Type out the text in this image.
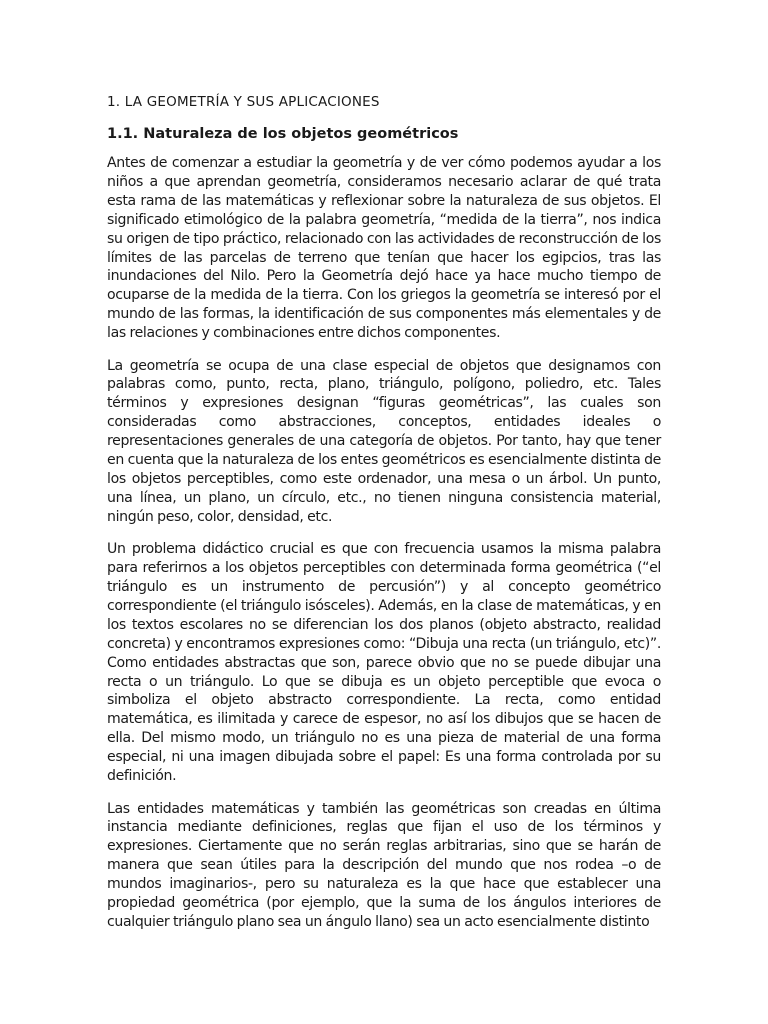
1. LA GEOMETRÍA Y SUS APLICACIONES
1.1. Naturaleza de los objetos geométricos

Antes de comenzar a estudiar la geometría y de ver cómo podemos ayudar a los niños a que aprendan geometría, consideramos necesario aclarar de qué trata esta rama de las matemáticas y reflexionar sobre la naturaleza de sus objetos. El significado etimológico de la palabra geometría, “medida de la tierra”, nos indica su origen de tipo práctico, relacionado con las actividades de reconstrucción de los límites de las parcelas de terreno que tenían que hacer los egipcios, tras las inundaciones del Nilo. Pero la Geometría dejó hace ya hace mucho tiempo de ocuparse de la medida de la tierra. Con los griegos la geometría se interesó por el mundo de las formas, la identificación de sus componentes más elementales y de las relaciones y combinaciones entre dichos componentes.

La geometría se ocupa de una clase especial de objetos que designamos con palabras como, punto, recta, plano, triángulo, polígono, poliedro, etc. Tales términos y expresiones designan “figuras geométricas”, las cuales son consideradas como abstracciones, conceptos, entidades ideales o representaciones generales de una categoría de objetos. Por tanto, hay que tener en cuenta que la naturaleza de los entes geométricos es esencialmente distinta de los objetos perceptibles, como este ordenador, una mesa o un árbol. Un punto, una línea, un plano, un círculo, etc., no tienen ninguna consistencia material, ningún peso, color, densidad, etc.

Un problema didáctico crucial es que con frecuencia usamos la misma palabra para referirnos a los objetos perceptibles con determinada forma geométrica (“el triángulo es un instrumento de percusión”) y al concepto geométrico correspondiente (el triángulo isósceles). Además, en la clase de matemáticas, y en los textos escolares no se diferencian los dos planos (objeto abstracto, realidad concreta) y encontramos expresiones como: “Dibuja una recta (un triángulo, etc)”. Como entidades abstractas que son, parece obvio que no se puede dibujar una recta o un triángulo. Lo que se dibuja es un objeto perceptible que evoca o simboliza el objeto abstracto correspondiente. La recta, como entidad matemática, es ilimitada y carece de espesor, no así los dibujos que se hacen de ella. Del mismo modo, un triángulo no es una pieza de material de una forma especial, ni una imagen dibujada sobre el papel: Es una forma controlada por su definición.

Las entidades matemáticas y también las geométricas son creadas en última instancia mediante definiciones, reglas que fijan el uso de los términos y expresiones. Ciertamente que no serán reglas arbitrarias, sino que se harán de manera que sean útiles para la descripción del mundo que nos rodea –o de mundos imaginarios-, pero su naturaleza es la que hace que establecer una propiedad geométrica (por ejemplo, que la suma de los ángulos interiores de cualquier triángulo plano sea un ángulo llano) sea un acto esencialmente distinto
